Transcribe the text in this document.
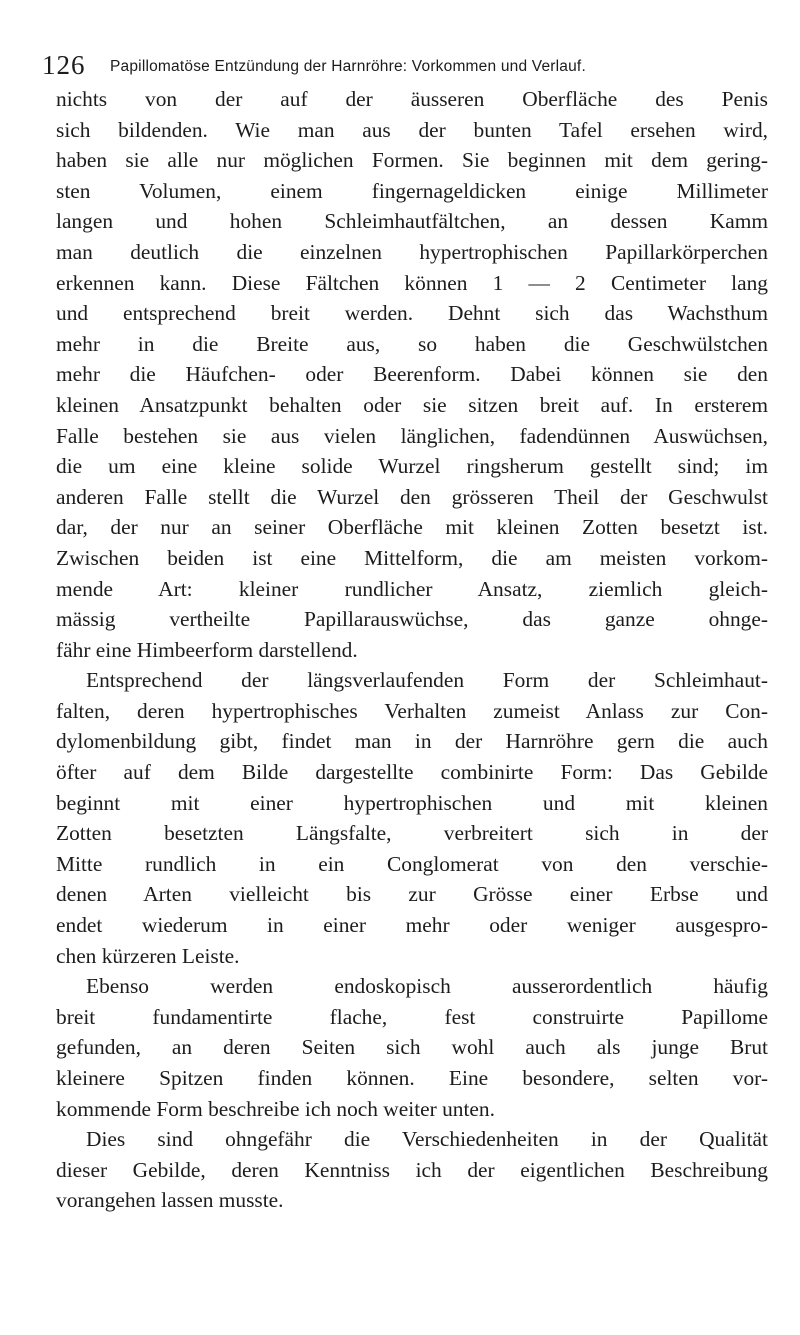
126 Papillomatöse Entzündung der Harnröhre: Vorkommen und Verlauf.
nichts von der auf der äusseren Oberfläche des Penis
sich bildenden. Wie man aus der bunten Tafel ersehen wird,
haben sie alle nur möglichen Formen. Sie beginnen mit dem gering-
sten Volumen, einem fingernageldicken einige Millimeter
langen und hohen Schleimhautfältchen, an dessen Kamm
man deutlich die einzelnen hypertrophischen Papillarkörperchen
erkennen kann. Diese Fältchen können 1 — 2 Centimeter lang
und entsprechend breit werden. Dehnt sich das Wachsthum
mehr in die Breite aus, so haben die Geschwülstchen
mehr die Häufchen- oder Beerenform. Dabei können sie den
kleinen Ansatzpunkt behalten oder sie sitzen breit auf. In ersterem
Falle bestehen sie aus vielen länglichen, fadendünnen Auswüchsen,
die um eine kleine solide Wurzel ringsherum gestellt sind; im
anderen Falle stellt die Wurzel den grösseren Theil der Geschwulst
dar, der nur an seiner Oberfläche mit kleinen Zotten besetzt ist.
Zwischen beiden ist eine Mittelform, die am meisten vorkom-
mende Art: kleiner rundlicher Ansatz, ziemlich gleich-
mässig vertheilte Papillarauswüchse, das ganze ohnge-
fähr eine Himbeerform darstellend.
Entsprechend der längsverlaufenden Form der Schleimhaut-
falten, deren hypertrophisches Verhalten zumeist Anlass zur Con-
dylomenbildung gibt, findet man in der Harnröhre gern die auch
öfter auf dem Bilde dargestellte combinirte Form: Das Gebilde
beginnt mit einer hypertrophischen und mit kleinen
Zotten besetzten Längsfalte, verbreitert sich in der
Mitte rundlich in ein Conglomerat von den verschie-
denen Arten vielleicht bis zur Grösse einer Erbse und
endet wiederum in einer mehr oder weniger ausgespro-
chen kürzeren Leiste.
Ebenso werden endoskopisch ausserordentlich häufig
breit fundamentirte flache, fest construirte Papillome
gefunden, an deren Seiten sich wohl auch als junge Brut
kleinere Spitzen finden können. Eine besondere, selten vor-
kommende Form beschreibe ich noch weiter unten.
Dies sind ohngefähr die Verschiedenheiten in der Qualität
dieser Gebilde, deren Kenntniss ich der eigentlichen Beschreibung
vorangehen lassen musste.
